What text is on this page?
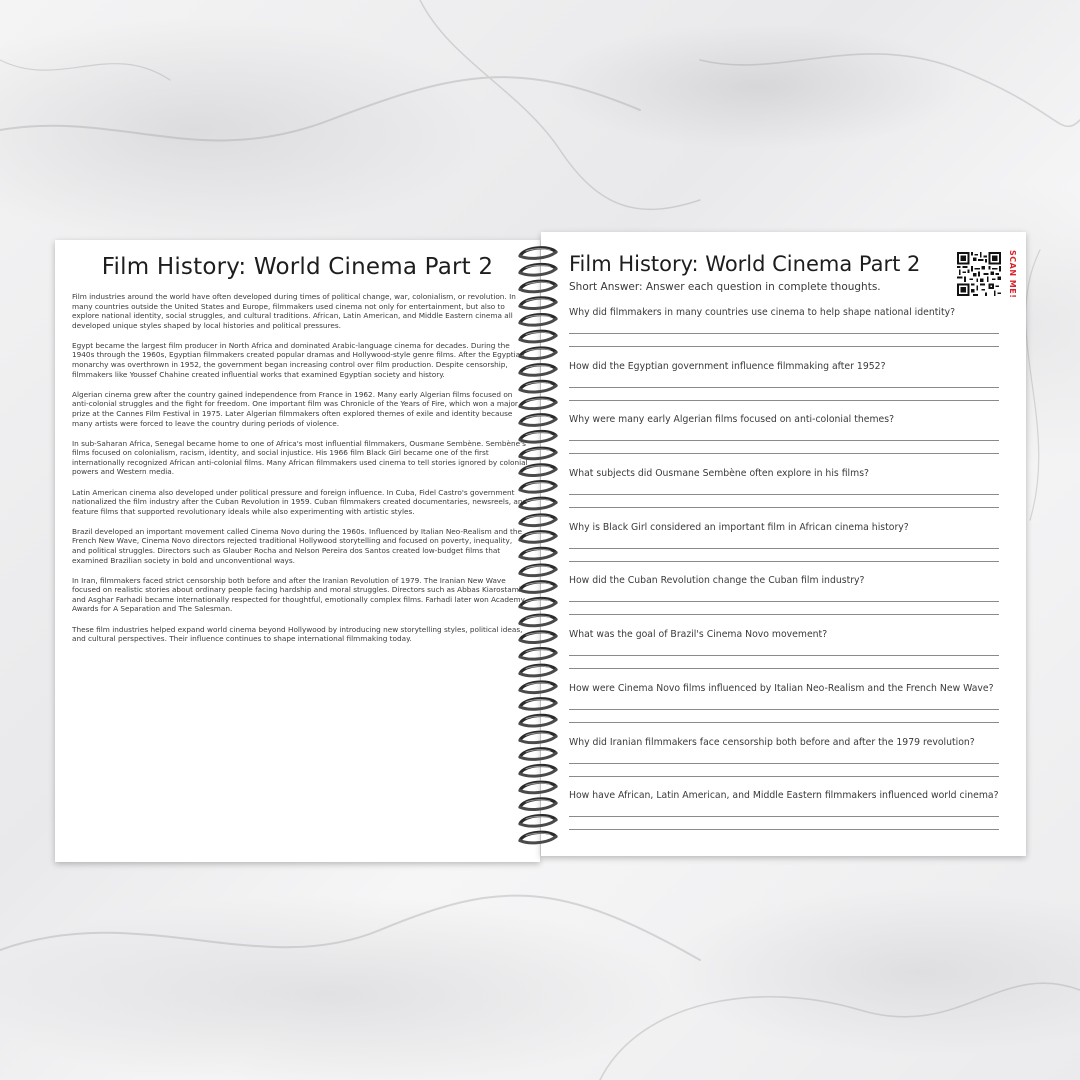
Film History: World Cinema Part 2

Film industries around the world have often developed during times of political change, war, colonialism, or revolution. In many countries outside the United States and Europe, filmmakers used cinema not only for entertainment, but also to explore national identity, social struggles, and cultural traditions. African, Latin American, and Middle Eastern cinema all developed unique styles shaped by local histories and political pressures.

Egypt became the largest film producer in North Africa and dominated Arabic-language cinema for decades. During the 1940s through the 1960s, Egyptian filmmakers created popular dramas and Hollywood-style genre films. After the Egyptian monarchy was overthrown in 1952, the government began increasing control over film production. Despite censorship, filmmakers like Youssef Chahine created influential works that examined Egyptian society and history.

Algerian cinema grew after the country gained independence from France in 1962. Many early Algerian films focused on anti-colonial struggles and the fight for freedom. One important film was Chronicle of the Years of Fire, which won a major prize at the Cannes Film Festival in 1975. Later Algerian filmmakers often explored themes of exile and identity because many artists were forced to leave the country during periods of violence.

In sub-Saharan Africa, Senegal became home to one of Africa's most influential filmmakers, Ousmane Sembène. Sembène's films focused on colonialism, racism, identity, and social injustice. His 1966 film Black Girl became one of the first internationally recognized African anti-colonial films. Many African filmmakers used cinema to tell stories ignored by colonial powers and Western media.

Latin American cinema also developed under political pressure and foreign influence. In Cuba, Fidel Castro's government nationalized the film industry after the Cuban Revolution in 1959. Cuban filmmakers created documentaries, newsreels, and feature films that supported revolutionary ideals while also experimenting with artistic styles.

Brazil developed an important movement called Cinema Novo during the 1960s. Influenced by Italian Neo-Realism and the French New Wave, Cinema Novo directors rejected traditional Hollywood storytelling and focused on poverty, inequality, and political struggles. Directors such as Glauber Rocha and Nelson Pereira dos Santos created low-budget films that examined Brazilian society in bold and unconventional ways.

In Iran, filmmakers faced strict censorship both before and after the Iranian Revolution of 1979. The Iranian New Wave focused on realistic stories about ordinary people facing hardship and moral struggles. Directors such as Abbas Kiarostami and Asghar Farhadi became internationally respected for thoughtful, emotionally complex films. Farhadi later won Academy Awards for A Separation and The Salesman.

These film industries helped expand world cinema beyond Hollywood by introducing new storytelling styles, political ideas, and cultural perspectives. Their influence continues to shape international filmmaking today.

Film History: World Cinema Part 2
Short Answer: Answer each question in complete thoughts.	SCAN ME!
Why did filmmakers in many countries use cinema to help shape national identity?
How did the Egyptian government influence filmmaking after 1952?
Why were many early Algerian films focused on anti-colonial themes?
What subjects did Ousmane Sembène often explore in his films?
Why is Black Girl considered an important film in African cinema history?
How did the Cuban Revolution change the Cuban film industry?
What was the goal of Brazil's Cinema Novo movement?
How were Cinema Novo films influenced by Italian Neo-Realism and the French New Wave?
Why did Iranian filmmakers face censorship both before and after the 1979 revolution?
How have African, Latin American, and Middle Eastern filmmakers influenced world cinema?
